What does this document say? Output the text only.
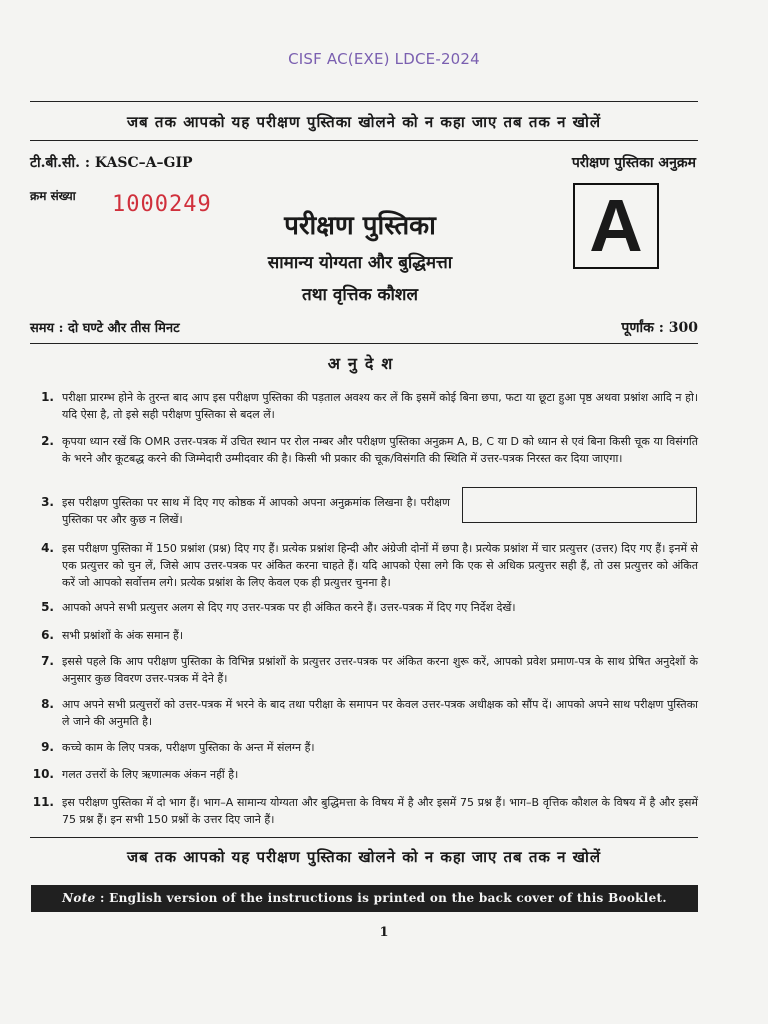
CISF AC(EXE) LDCE-2024
जब तक आपको यह परीक्षण पुस्तिका खोलने को न कहा जाए तब तक न खोलें
टी.बी.सी. : KASC–A–GIP	परीक्षण पुस्तिका अनुक्रम
क्रम संख्या 1000249
परीक्षण पुस्तिका
सामान्य योग्यता और बुद्धिमत्ता
तथा वृत्तिक कौशल
A
समय : दो घण्टे और तीस मिनट	पूर्णांक : 300
अनुदेश
1. परीक्षा प्रारम्भ होने के तुरन्त बाद आप इस परीक्षण पुस्तिका की पड़ताल अवश्य कर लें कि इसमें कोई बिना छपा, फटा या छूटा हुआ पृष्ठ अथवा प्रश्नांश आदि न हो। यदि ऐसा है, तो इसे सही परीक्षण पुस्तिका से बदल लें।
2. कृपया ध्यान रखें कि OMR उत्तर-पत्रक में उचित स्थान पर रोल नम्बर और परीक्षण पुस्तिका अनुक्रम A, B, C या D को ध्यान से एवं बिना किसी चूक या विसंगति के भरने और कूटबद्ध करने की जिम्मेदारी उम्मीदवार की है। किसी भी प्रकार की चूक/विसंगति की स्थिति में उत्तर-पत्रक निरस्त कर दिया जाएगा।
3. इस परीक्षण पुस्तिका पर साथ में दिए गए कोष्ठक में आपको अपना अनुक्रमांक लिखना है। परीक्षण पुस्तिका पर और कुछ न लिखें।
4. इस परीक्षण पुस्तिका में 150 प्रश्नांश (प्रश्न) दिए गए हैं। प्रत्येक प्रश्नांश हिन्दी और अंग्रेजी दोनों में छपा है। प्रत्येक प्रश्नांश में चार प्रत्युत्तर (उत्तर) दिए गए हैं। इनमें से एक प्रत्युत्तर को चुन लें, जिसे आप उत्तर-पत्रक पर अंकित करना चाहते हैं। यदि आपको ऐसा लगे कि एक से अधिक प्रत्युत्तर सही हैं, तो उस प्रत्युत्तर को अंकित करें जो आपको सर्वोत्तम लगे। प्रत्येक प्रश्नांश के लिए केवल एक ही प्रत्युत्तर चुनना है।
5. आपको अपने सभी प्रत्युत्तर अलग से दिए गए उत्तर-पत्रक पर ही अंकित करने हैं। उत्तर-पत्रक में दिए गए निर्देश देखें।
6. सभी प्रश्नांशों के अंक समान हैं।
7. इससे पहले कि आप परीक्षण पुस्तिका के विभिन्न प्रश्नांशों के प्रत्युत्तर उत्तर-पत्रक पर अंकित करना शुरू करें, आपको प्रवेश प्रमाण-पत्र के साथ प्रेषित अनुदेशों के अनुसार कुछ विवरण उत्तर-पत्रक में देने हैं।
8. आप अपने सभी प्रत्युत्तरों को उत्तर-पत्रक में भरने के बाद तथा परीक्षा के समापन पर केवल उत्तर-पत्रक अधीक्षक को सौंप दें। आपको अपने साथ परीक्षण पुस्तिका ले जाने की अनुमति है।
9. कच्चे काम के लिए पत्रक, परीक्षण पुस्तिका के अन्त में संलग्न हैं।
10. गलत उत्तरों के लिए ऋणात्मक अंकन नहीं है।
11. इस परीक्षण पुस्तिका में दो भाग हैं। भाग–A सामान्य योग्यता और बुद्धिमत्ता के विषय में है और इसमें 75 प्रश्न हैं। भाग–B वृत्तिक कौशल के विषय में है और इसमें 75 प्रश्न हैं। इन सभी 150 प्रश्नों के उत्तर दिए जाने हैं।
जब तक आपको यह परीक्षण पुस्तिका खोलने को न कहा जाए तब तक न खोलें
Note : English version of the instructions is printed on the back cover of this Booklet.
1
